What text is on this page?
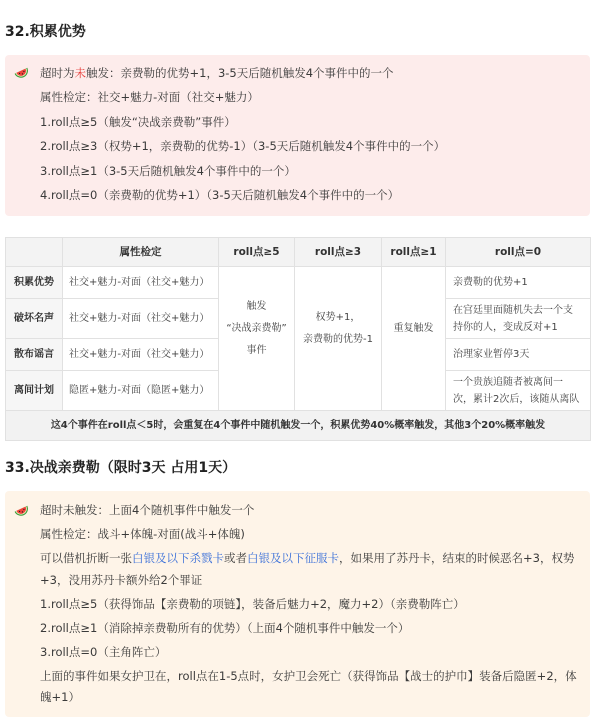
32.积累优势

超时为未触发：亲费勒的优势+1，3-5天后随机触发4个事件中的一个

属性检定：社交+魅力-对面（社交+魅力）

1.roll点≥5（触发“决战亲费勒”事件）

2.roll点≥3（权势+1，亲费勒的优势-1）（3-5天后随机触发4个事件中的一个）

3.roll点≥1（3-5天后随机触发4个事件中的一个）

4.roll点=0（亲费勒的优势+1）（3-5天后随机触发4个事件中的一个）

	属性检定	roll点≥5	roll点≥3	roll点≥1	roll点=0
积累优势	社交+魅力-对面（社交+魅力）	触发
“决战亲费勒”
事件	权势+1，
亲费勒的优势-1	重复触发	亲费勒的优势+1
破坏名声	社交+魅力-对面（社交+魅力）				在宫廷里面随机失去一个支持你的人，变成反对+1
散布谣言	社交+魅力-对面（社交+魅力）				治理家业暂停3天
离间计划	隐匿+魅力-对面（隐匿+魅力）				一个贵族追随者被离间一次，累计2次后，该随从离队
这4个事件在roll点＜5时，会重复在4个事件中随机触发一个，积累优势40%概率触发，其他3个20%概率触发					
33.决战亲费勒（限时3天 占用1天）

超时未触发：上面4个随机事件中触发一个

属性检定：战斗+体魄-对面(战斗+体魄)

可以借机折断一张白银及以下杀戮卡或者白银及以下征服卡，如果用了苏丹卡，结束的时候恶名+3，权势+3，没用苏丹卡额外给2个罪证

1.roll点≥5（获得饰品【亲费勒的项链】，装备后魅力+2，魔力+2）（亲费勒阵亡）

2.roll点≥1（消除掉亲费勒所有的优势）（上面4个随机事件中触发一个）

3.roll点=0（主角阵亡）

上面的事件如果女护卫在，roll点在1-5点时，女护卫会死亡（获得饰品【战士的护巾】装备后隐匿+2，体魄+1）
